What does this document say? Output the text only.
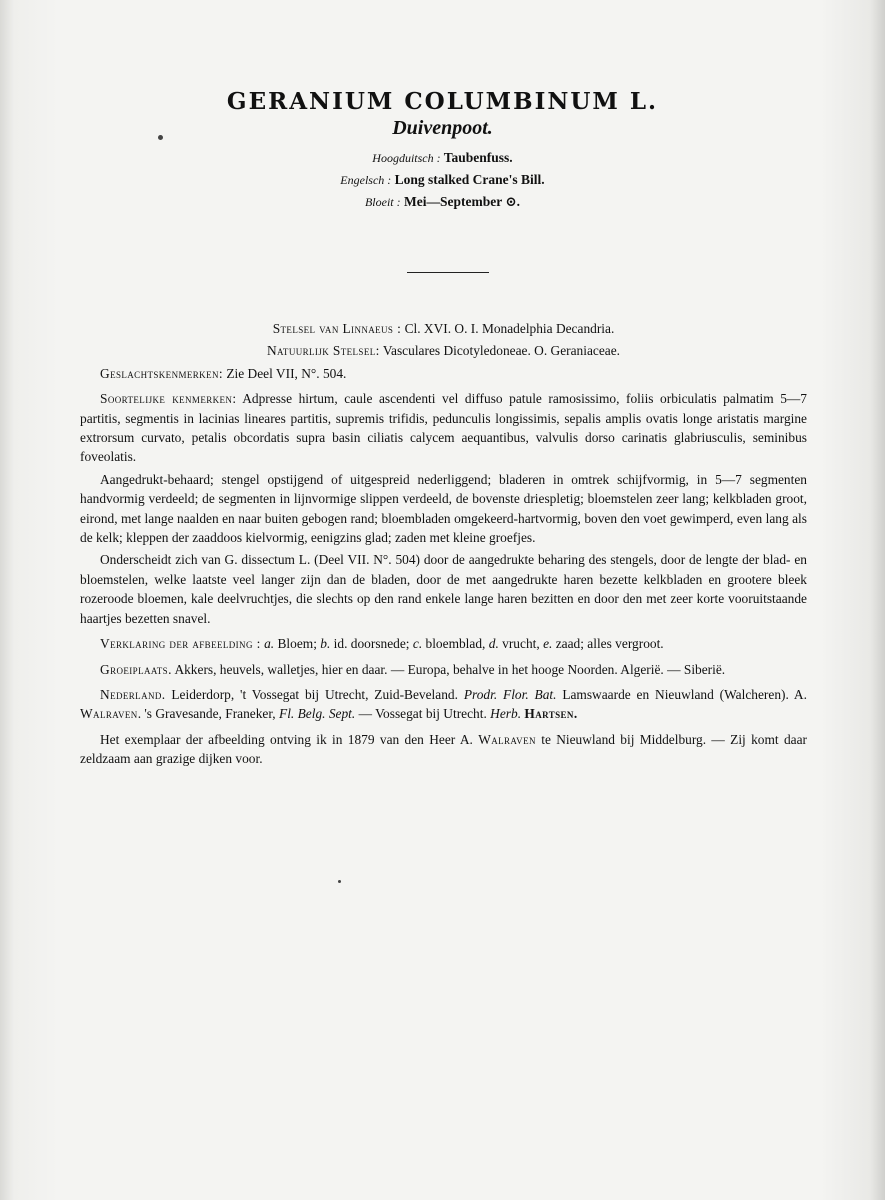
GERANIUM COLUMBINUM L.
Duivenpoot.
Hoogduitsch : Taubenfuss.
Engelsch : Long stalked Crane's Bill.
Bloeit : Mei—September ⊙.

Stelsel van Linnaeus : Cl. XVI. O. I. Monadelphia Decandria.

Natuurlijk Stelsel: Vasculares Dicotyledoneae. O. Geraniaceae.

Geslachtskenmerken: Zie Deel VII, N°. 504.

Soortelijke kenmerken: Adpresse hirtum, caule ascendenti vel diffuso patule ramosissimo, foliis orbiculatis palmatim 5—7 partitis, segmentis in lacinias lineares partitis, supremis trifidis, pedunculis longissimis, sepalis amplis ovatis longe aristatis margine extrorsum curvato, petalis obcordatis supra basin ciliatis calycem aequantibus, valvulis dorso carinatis glabriusculis, seminibus foveolatis.

Aangedrukt-behaard; stengel opstijgend of uitgespreid nederliggend; bladeren in omtrek schijfvormig, in 5—7 segmenten handvormig verdeeld; de segmenten in lijnvormige slippen verdeeld, de bovenste driespletig; bloemstelen zeer lang; kelkbladen groot, eirond, met lange naalden en naar buiten gebogen rand; bloembladen omgekeerd-hartvormig, boven den voet gewimperd, even lang als de kelk; kleppen der zaaddoos kielvormig, eenigzins glad; zaden met kleine groefjes.

Onderscheidt zich van G. dissectum L. (Deel VII. N°. 504) door de aangedrukte beharing des stengels, door de lengte der blad- en bloemstelen, welke laatste veel langer zijn dan de bladen, door de met aangedrukte haren bezette kelkbladen en grootere bleek rozeroode bloemen, kale deelvruchtjes, die slechts op den rand enkele lange haren bezitten en door den met zeer korte vooruitstaande haartjes bezetten snavel.

Verklaring der afbeelding : a. Bloem; b. id. doorsnede; c. bloemblad, d. vrucht, e. zaad; alles vergroot.

Groeiplaats. Akkers, heuvels, walletjes, hier en daar. — Europa, behalve in het hooge Noorden. Algerië. — Siberië.

Nederland. Leiderdorp, 't Vossegat bij Utrecht, Zuid-Beveland. Prodr. Flor. Bat. Lamswaarde en Nieuwland (Walcheren). A. Walraven. 's Gravesande, Franeker, Fl. Belg. Sept. — Vossegat bij Utrecht. Herb. Hartsen.

Het exemplaar der afbeelding ontving ik in 1879 van den Heer A. Walraven te Nieuwland bij Middelburg. — Zij komt daar zeldzaam aan grazige dijken voor.
